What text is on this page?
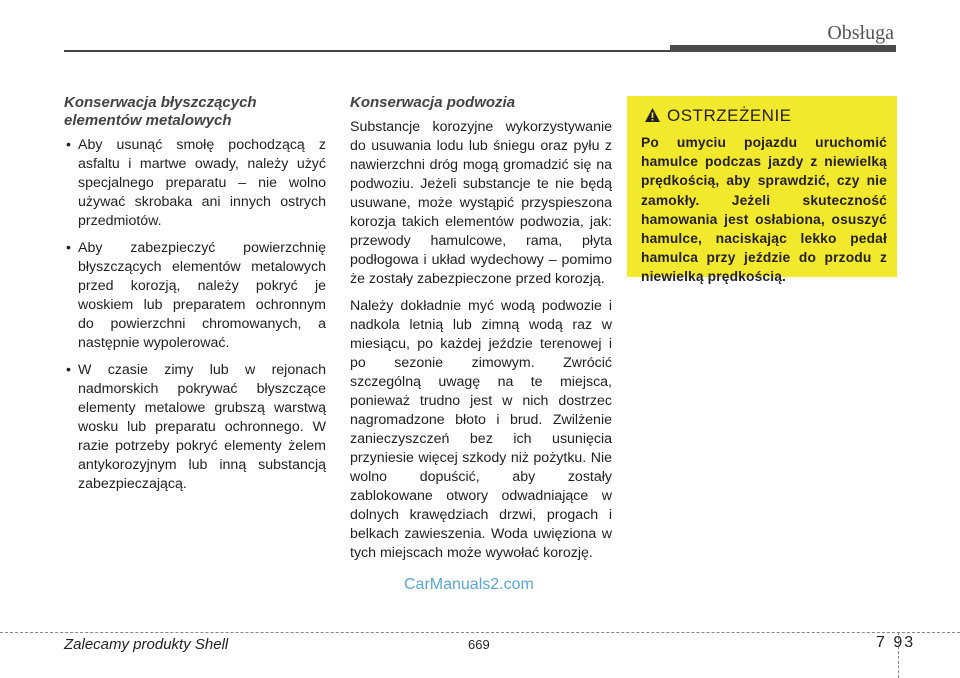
Obsługa
Konserwacja błyszczących elementów metalowych
• Aby usunąć smołę pochodzącą z asfaltu i martwe owady, należy użyć specjalnego preparatu – nie wolno używać skrobaka ani innych ostrych przedmiotów.
• Aby zabezpieczyć powierzchnię błyszczących elementów metalowych przed korozją, należy pokryć je woskiem lub preparatem ochronnym do powierzchni chromowanych, a następnie wypolerować.
• W czasie zimy lub w rejonach nadmorskich pokrywać błyszczące elementy metalowe grubszą warstwą wosku lub preparatu ochronnego. W razie potrzeby pokryć elementy żelem antykorozyjnym lub inną substancją zabezpieczającą.
Konserwacja podwozia

Substancje korozyjne wykorzystywanie do usuwania lodu lub śniegu oraz pyłu z nawierzchni dróg mogą gromadzić się na podwoziu. Jeżeli substancje te nie będą usuwane, może wystąpić przyspieszona korozja takich elementów podwozia, jak: przewody hamulcowe, rama, płyta podłogowa i układ wydechowy – pomimo że zostały zabezpieczone przed korozją.

Należy dokładnie myć wodą podwozie i nadkola letnią lub zimną wodą raz w miesiącu, po każdej jeździe terenowej i po sezonie zimowym. Zwrócić szczególną uwagę na te miejsca, ponieważ trudno jest w nich dostrzec nagromadzone błoto i brud. Zwilżenie zanieczyszczeń bez ich usunięcia przyniesie więcej szkody niż pożytku. Nie wolno dopuścić, aby zostały zablokowane otwory odwadniające w dolnych krawędziach drzwi, progach i belkach zawieszenia. Woda uwięziona w tych miejscach może wywołać korozję.

OSTRZEŻENIE
Po umyciu pojazdu uruchomić hamulce podczas jazdy z niewielką prędkością, aby sprawdzić, czy nie zamokły. Jeżeli skuteczność hamowania jest osłabiona, osuszyć hamulce, naciskając lekko pedał hamulca przy jeździe do przodu z niewielką prędkością.
CarManuals2.com
Zalecamy produkty Shell	669	7 93
